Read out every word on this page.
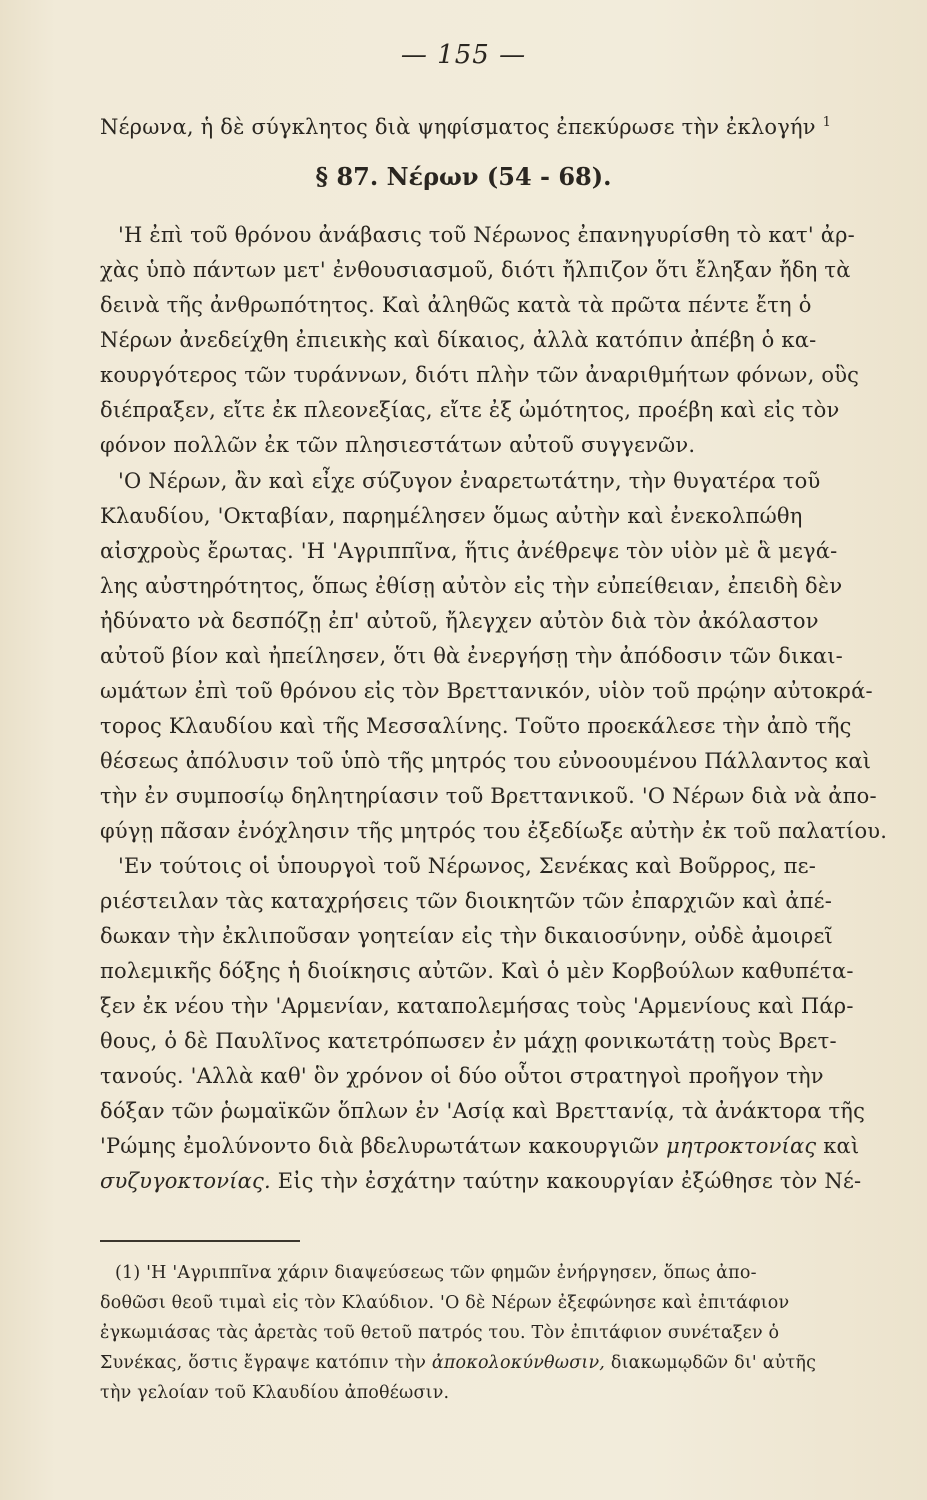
— 155 —
Νέρωνα, ἡ δὲ σύγκλητος διὰ ψηφίσματος ἐπεκύρωσε τὴν ἐκλογήν $^1$
§ 87. Νέρων (54 - 68).
'Η ἐπὶ τοῦ θρόνου ἀνάβασις τοῦ Νέρωνος ἐπανηγυρίσθη τὸ κατ' ἀρ-
χὰς ὑπὸ πάντων μετ' ἐνθουσιασμοῦ, διότι ἤλπιζον ὅτι ἔληξαν ἤδη τὰ
δεινὰ τῆς ἀνθρωπότητος. Καὶ ἀληθῶς κατὰ τὰ πρῶτα πέντε ἔτη ὁ
Νέρων ἀνεδείχθη ἐπιεικὴς καὶ δίκαιος, ἀλλὰ κατόπιν ἀπέβη ὁ κα-
κουργότερος τῶν τυράννων, διότι πλὴν τῶν ἀναριθμήτων φόνων, οὓς
διέπραξεν, εἴτε ἐκ πλεονεξίας, εἴτε ἐξ ὠμότητος, προέβη καὶ εἰς τὸν
φόνον πολλῶν ἐκ τῶν πλησιεστάτων αὐτοῦ συγγενῶν.
'Ο Νέρων, ἂν καὶ εἶχε σύζυγον ἐναρετωτάτην, τὴν θυγατέρα τοῦ
Κλαυδίου, 'Οκταβίαν, παρημέλησεν ὅμως αὐτὴν καὶ ἐνεκολπώθη
αἰσχροὺς ἔρωτας. 'Η 'Αγριππῖνα, ἥτις ἀνέθρεψε τὸν υἱὸν μὲ ἃ μεγά-
λης αὐστηρότητος, ὅπως ἐθίσῃ αὐτὸν εἰς τὴν εὐπείθειαν, ἐπειδὴ δὲν
ἠδύνατο νὰ δεσπόζῃ ἐπ' αὐτοῦ, ἤλεγχεν αὐτὸν διὰ τὸν ἀκόλαστον
αὐτοῦ βίον καὶ ἠπείλησεν, ὅτι θὰ ἐνεργήσῃ τὴν ἀπόδοσιν τῶν δικαι-
ωμάτων ἐπὶ τοῦ θρόνου εἰς τὸν Βρεττανικόν, υἱὸν τοῦ πρῴην αὐτοκρά-
τορος Κλαυδίου καὶ τῆς Μεσσαλίνης. Τοῦτο προεκάλεσε τὴν ἀπὸ τῆς
θέσεως ἀπόλυσιν τοῦ ὑπὸ τῆς μητρός του εὐνοουμένου Πάλλαντος καὶ
τὴν ἐν συμποσίῳ δηλητηρίασιν τοῦ Βρεττανικοῦ. 'Ο Νέρων διὰ νὰ ἀπο-
φύγῃ πᾶσαν ἐνόχλησιν τῆς μητρός του ἐξεδίωξε αὐτὴν ἐκ τοῦ παλατίου.
'Εν τούτοις οἱ ὑπουργοὶ τοῦ Νέρωνος, Σενέκας καὶ Βοῦρρος, πε-
ριέστειλαν τὰς καταχρήσεις τῶν διοικητῶν τῶν ἐπαρχιῶν καὶ ἀπέ-
δωκαν τὴν ἐκλιποῦσαν γοητείαν εἰς τὴν δικαιοσύνην, οὐδὲ ἀμοιρεῖ
πολεμικῆς δόξης ἡ διοίκησις αὐτῶν. Καὶ ὁ μὲν Κορβούλων καθυπέτα-
ξεν ἐκ νέου τὴν 'Αρμενίαν, καταπολεμήσας τοὺς 'Αρμενίους καὶ Πάρ-
θους, ὁ δὲ Παυλῖνος κατετρόπωσεν ἐν μάχῃ φονικωτάτῃ τοὺς Βρετ-
τανούς. 'Αλλὰ καθ' ὃν χρόνον οἱ δύο οὗτοι στρατηγοὶ προῆγον τὴν
δόξαν τῶν ῥωμαϊκῶν ὅπλων ἐν 'Ασίᾳ καὶ Βρεττανίᾳ, τὰ ἀνάκτορα τῆς
'Ρώμης ἐμολύνοντο διὰ βδελυρωτάτων κακουργιῶν μητροκτονίας καὶ
συζυγοκτονίας. Εἰς τὴν ἐσχάτην ταύτην κακουργίαν ἐξώθησε τὸν Νέ-
(1) 'Η 'Αγριππῖνα χάριν διαψεύσεως τῶν φημῶν ἐνήργησεν, ὅπως ἀπο-
δοθῶσι θεοῦ τιμαὶ εἰς τὸν Κλαύδιον. 'Ο δὲ Νέρων ἐξεφώνησε καὶ ἐπιτάφιον
ἐγκωμιάσας τὰς ἀρετὰς τοῦ θετοῦ πατρός του. Τὸν ἐπιτάφιον συνέταξεν ὁ
Συνέκας, ὅστις ἔγραψε κατόπιν τὴν ἀποκολοκύνθωσιν, διακωμῳδῶν δι' αὐτῆς
τὴν γελοίαν τοῦ Κλαυδίου ἀποθέωσιν.
